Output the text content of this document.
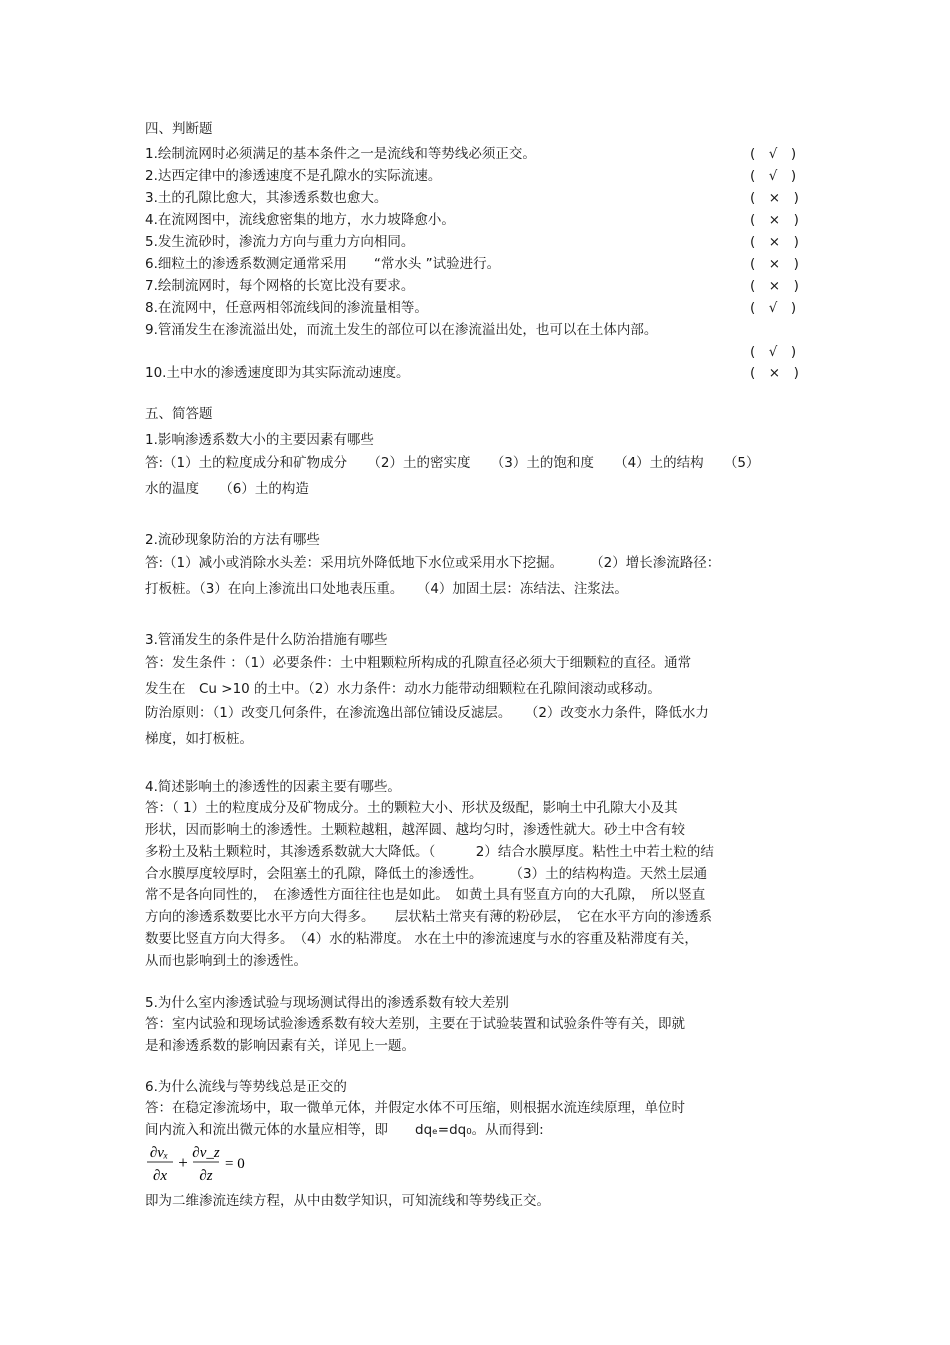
四、判断题
1.绘制流网时必须满足的基本条件之一是流线和等势线必须正交。	(　√　)
2.达西定律中的渗透速度不是孔隙水的实际流速。	(　√　)
3.土的孔隙比愈大，其渗透系数也愈大。	(　×　)
4.在流网图中，流线愈密集的地方，水力坡降愈小。	(　×　)
5.发生流砂时，渗流力方向与重力方向相同。	(　×　)
6.细粒土的渗透系数测定通常采用　　“常水头 ”试验进行。	(　×　)
7.绘制流网时，每个网格的长宽比没有要求。	(　×　)
8.在流网中，任意两相邻流线间的渗流量相等。	(　√　)
9.管涌发生在渗流溢出处，而流土发生的部位可以在渗流溢出处，也可以在土体内部。
(　√　)
10.土中水的渗透速度即为其实际流动速度。	(　×　)
五、简答题
1.影响渗透系数大小的主要因素有哪些
答:（1）土的粒度成分和矿物成分　　（2）土的密实度　　（3）土的饱和度　　（4）土的结构　　（5）
水的温度　　（6）土的构造
2.流砂现象防治的方法有哪些
答:（1）减小或消除水头差：采用坑外降低地下水位或采用水下挖掘。　　　（2）增长渗流路径：
打板桩。（3）在向上渗流出口处地表压重。　　（4）加固土层：冻结法、注浆法。
3.管涌发生的条件是什么防治措施有哪些
答：发生条件 ：（1）必要条件：土中粗颗粒所构成的孔隙直径必须大于细颗粒的直径。通常
发生在　Cu >10 的土中。（2）水力条件：动水力能带动细颗粒在孔隙间滚动或移动。
防治原则：（1）改变几何条件，在渗流逸出部位铺设反滤层。　　（2）改变水力条件，降低水力
梯度，如打板桩。
4.简述影响土的渗透性的因素主要有哪些。
答：（ 1）土的粒度成分及矿物成分。土的颗粒大小、形状及级配，影响土中孔隙大小及其
形状，因而影响土的渗透性。土颗粒越粗，越浑圆、越均匀时，渗透性就大。砂土中含有较
多粉土及粘土颗粒时，其渗透系数就大大降低。（　　　2）结合水膜厚度。粘性土中若土粒的结
合水膜厚度较厚时，会阻塞土的孔隙，降低土的渗透性。　　　（3）土的结构构造。天然土层通
常不是各向同性的，　在渗透性方面往往也是如此。　如黄土具有竖直方向的大孔隙，　所以竖直
方向的渗透系数要比水平方向大得多。　　层状粘土常夹有薄的粉砂层，　它在水平方向的渗透系
数要比竖直方向大得多。　（4）水的粘滞度。 水在土中的渗流速度与水的容重及粘滞度有关，
从而也影响到土的渗透性。
5.为什么室内渗透试验与现场测试得出的渗透系数有较大差别
答：室内试验和现场试验渗透系数有较大差别，主要在于试验装置和试验条件等有关，即就
是和渗透系数的影响因素有关，详见上一题。
6.为什么流线与等势线总是正交的
答：在稳定渗流场中，取一微单元体，并假定水体不可压缩，则根据水流连续原理，单位时
间内流入和流出微元体的水量应相等，即　　dqₑ=dq₀。从而得到:
∂vₓ
∂x
+ ∂v_z
∂z
= 0
即为二维渗流连续方程，从中由数学知识，可知流线和等势线正交。
